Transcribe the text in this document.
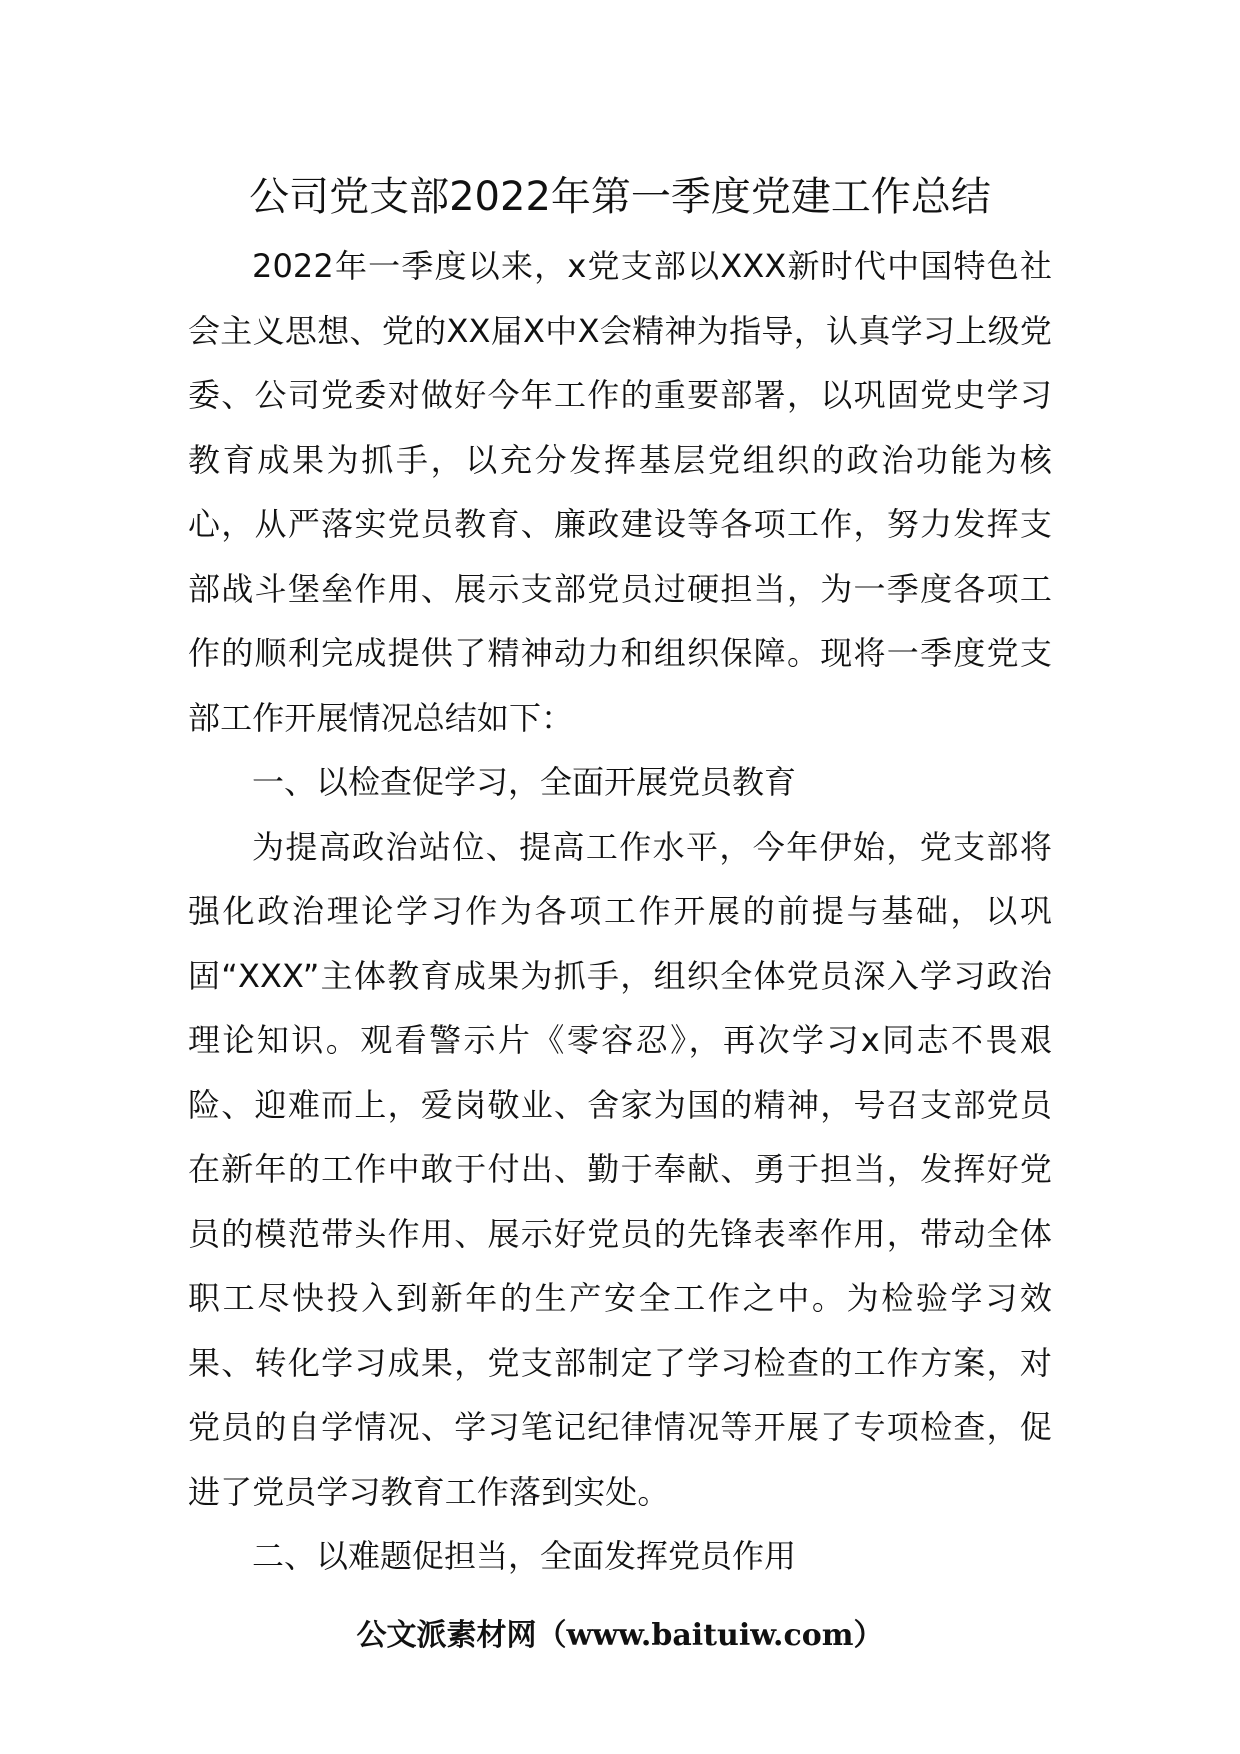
公司党支部2022年第一季度党建工作总结

2022年一季度以来，x党支部以XXX新时代中国特色社会主义思想、党的XX届X中X会精神为指导，认真学习上级党委、公司党委对做好今年工作的重要部署，以巩固党史学习教育成果为抓手，以充分发挥基层党组织的政治功能为核心，从严落实党员教育、廉政建设等各项工作，努力发挥支部战斗堡垒作用、展示支部党员过硬担当，为一季度各项工作的顺利完成提供了精神动力和组织保障。现将一季度党支部工作开展情况总结如下：

一、以检查促学习，全面开展党员教育

为提高政治站位、提高工作水平，今年伊始，党支部将强化政治理论学习作为各项工作开展的前提与基础，以巩固“XXX”主体教育成果为抓手，组织全体党员深入学习政治理论知识。观看警示片《零容忍》，再次学习x同志不畏艰险、迎难而上，爱岗敬业、舍家为国的精神，号召支部党员在新年的工作中敢于付出、勤于奉献、勇于担当，发挥好党员的模范带头作用、展示好党员的先锋表率作用，带动全体职工尽快投入到新年的生产安全工作之中。为检验学习效果、转化学习成果，党支部制定了学习检查的工作方案，对党员的自学情况、学习笔记纪律情况等开展了专项检查，促进了党员学习教育工作落到实处。

二、以难题促担当，全面发挥党员作用
公文派素材网（www.baituiw.com）
